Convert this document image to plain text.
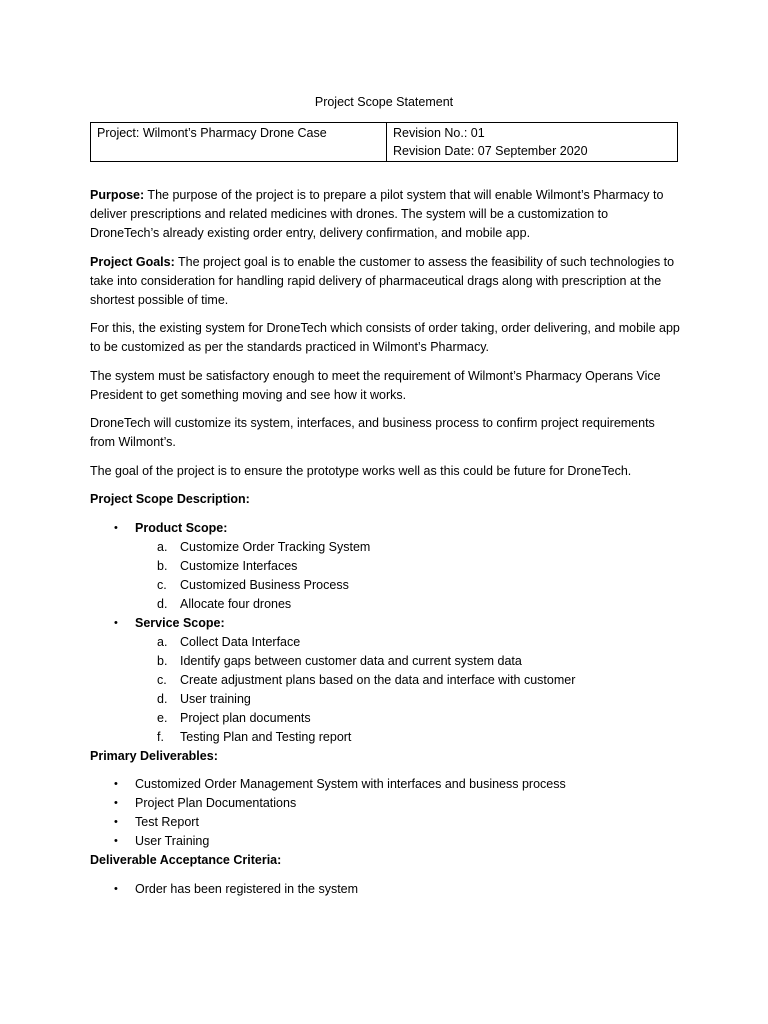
Project Scope Statement
Project: Wilmont’s Pharmacy Drone Case	Revision No.: 01
Revision Date: 07 September 2020

Purpose: The purpose of the project is to prepare a pilot system that will enable Wilmont’s Pharmacy to deliver prescriptions and related medicines with drones. The system will be a customization to DroneTech’s already existing order entry, delivery confirmation, and mobile app.

Project Goals: The project goal is to enable the customer to assess the feasibility of such technologies to take into consideration for handling rapid delivery of pharmaceutical drags along with prescription at the shortest possible of time.

For this, the existing system for DroneTech which consists of order taking, order delivering, and mobile app to be customized as per the standards practiced in Wilmont’s Pharmacy.

The system must be satisfactory enough to meet the requirement of Wilmont’s Pharmacy Operans Vice President to get something moving and see how it works.

DroneTech will customize its system, interfaces, and business process to confirm project requirements from Wilmont’s.

The goal of the project is to ensure the prototype works well as this could be future for DroneTech.

Project Scope Description:
• Product Scope:
a. Customize Order Tracking System
b. Customize Interfaces
c. Customized Business Process
d. Allocate four drones
• Service Scope:
a. Collect Data Interface
b. Identify gaps between customer data and current system data
c. Create adjustment plans based on the data and interface with customer
d. User training
e. Project plan documents
f. Testing Plan and Testing report
Primary Deliverables:
• Customized Order Management System with interfaces and business process
• Project Plan Documentations
• Test Report
• User Training
Deliverable Acceptance Criteria:
• Order has been registered in the system
